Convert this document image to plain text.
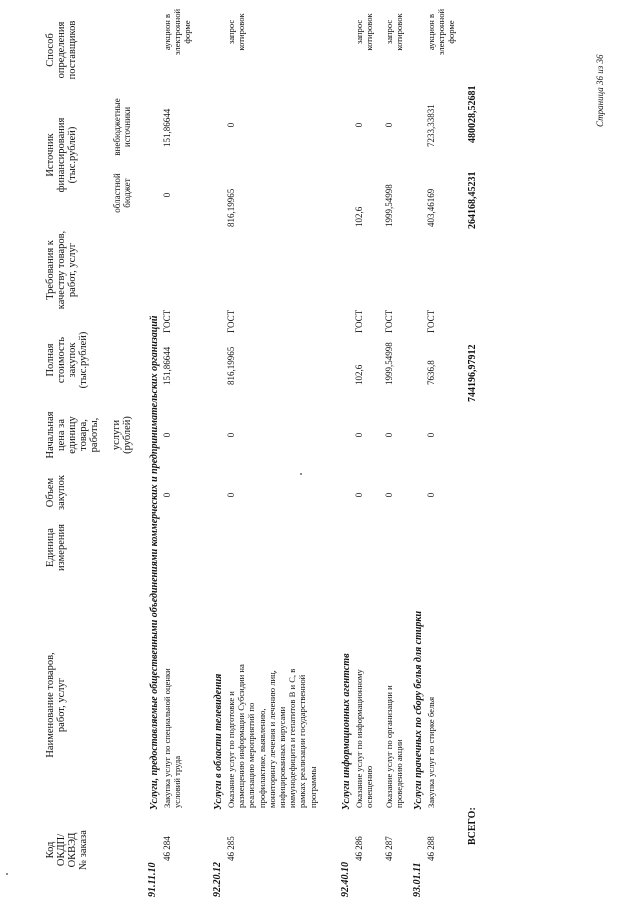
Код
ОКДП/
ОКВЭД
№ заказа
Наименование товаров,
работ, услуг
Единица
измерения
Объем
закупок
Начальная
цена за
единицу
товара,
работы,

услуги
(рублей)
Полная
стоимость
закупок
(тыс.рублей)
Требования к
качеству товаров,
работ, услуг
Источник
финансирования
(тыс.рублей)
областной
бюджет
внебюджетные
источники
Способ
определения
поставщиков
91.11.10
Услуги, предоставляемые общественными объединениями коммерческих и предпринимательских организаций
46 284
Закупка услуг по специальной оценки
условий труда
0
0
151,86644
ГОСТ
0
151,86644
аукцион в
электронной
форме
92.20.12
Услуги в области телевидения
46 285
Оказание услуг по подготовке и
размещению информации Субсидии на
реализацию мероприятий по
профилактике, выявлению,
мониторингу лечения и лечению лиц,
инфицированных вирусами
иммунодефицита и гепатитов В и С, в
рамках реализации государственной
программы
0
0
816,19965
ГОСТ
816,19965
0
запрос
котировок
92.40.10
Услуги информационных агентств
46 286
Оказание услуг по информационному
освещению
0
0
102,6
ГОСТ
102,6
0
запрос
котировок
46 287
Оказание услуг по организации и
проведению акции
0
0
1999,54998
ГОСТ
1999,54998
0
запрос
котировок
93.01.11
Услуги прачечных по сбору белья для стирки
46 288
Закупка услуг по стирке белья
0
0
7636,8
ГОСТ
403,46169
7233,33831
аукцион в
электронной
форме
ВСЕГО:
744196,97912
264168,45231
480028,52681	Страница 36 из 36
